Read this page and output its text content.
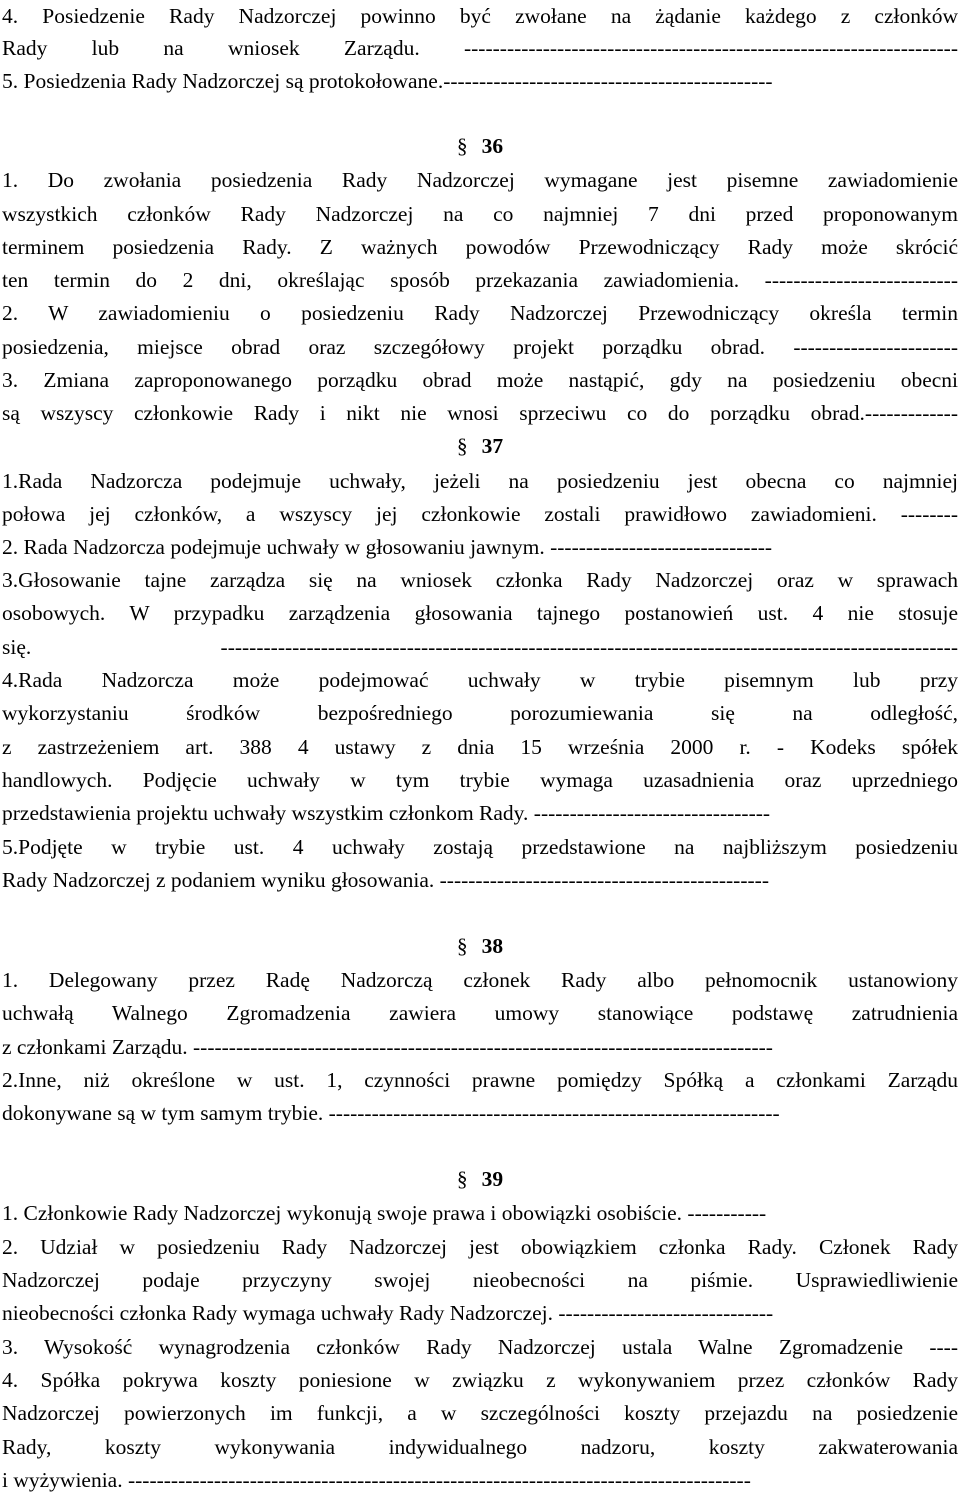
4. Posiedzenie Rady Nadzorczej powinno być zwołane na żądanie każdego z członków
Rady lub na wniosek Zarządu. ---------------------------------------------------------------------
5. Posiedzenia Rady Nadzorczej są protokołowane.----------------------------------------------
§ 36
1. Do zwołania posiedzenia Rady Nadzorczej wymagane jest pisemne zawiadomienie
wszystkich członków Rady Nadzorczej na co najmniej 7 dni przed proponowanym
terminem posiedzenia Rady. Z ważnych powodów Przewodniczący Rady może skrócić
ten termin do 2 dni, określając sposób przekazania zawiadomienia. ---------------------------
2. W zawiadomieniu o posiedzeniu Rady Nadzorczej Przewodniczący określa termin
posiedzenia, miejsce obrad oraz szczegółowy projekt porządku obrad. -----------------------
3. Zmiana zaproponowanego porządku obrad może nastąpić, gdy na posiedzeniu obecni
są wszyscy członkowie Rady i nikt nie wnosi sprzeciwu co do porządku obrad.-------------
§ 37
1.Rada Nadzorcza podejmuje uchwały, jeżeli na posiedzeniu jest obecna co najmniej
połowa jej członków, a wszyscy jej członkowie zostali prawidłowo zawiadomieni. --------
2. Rada Nadzorcza podejmuje uchwały w głosowaniu jawnym. -------------------------------
3.Głosowanie tajne zarządza się na wniosek członka Rady Nadzorczej oraz w sprawach
osobowych. W przypadku zarządzenia głosowania tajnego postanowień ust. 4 nie stosuje
się. -------------------------------------------------------------------------------------------------------
4.Rada Nadzorcza może podejmować uchwały w trybie pisemnym lub przy
wykorzystaniu środków bezpośredniego porozumiewania się na odległość,
z zastrzeżeniem art. 388 4 ustawy z dnia 15 września 2000 r. - Kodeks spółek
handlowych. Podjęcie uchwały w tym trybie wymaga uzasadnienia oraz uprzedniego
przedstawienia projektu uchwały wszystkim członkom Rady. ---------------------------------
5.Podjęte w trybie ust. 4 uchwały zostają przedstawione na najbliższym posiedzeniu
Rady Nadzorczej z podaniem wyniku głosowania. ----------------------------------------------
§ 38
1. Delegowany przez Radę Nadzorczą członek Rady albo pełnomocnik ustanowiony
uchwałą Walnego Zgromadzenia zawiera umowy stanowiące podstawę zatrudnienia
z członkami Zarządu. ---------------------------------------------------------------------------------
2.Inne, niż określone w ust. 1, czynności prawne pomiędzy Spółką a członkami Zarządu
dokonywane są w tym samym trybie. ---------------------------------------------------------------
§ 39
1. Członkowie Rady Nadzorczej wykonują swoje prawa i obowiązki osobiście. -----------
2. Udział w posiedzeniu Rady Nadzorczej jest obowiązkiem członka Rady. Członek Rady
Nadzorczej podaje przyczyny swojej nieobecności na piśmie. Usprawiedliwienie
nieobecności członka Rady wymaga uchwały Rady Nadzorczej. ------------------------------
3. Wysokość wynagrodzenia członków Rady Nadzorczej ustala Walne Zgromadzenie ----
4. Spółka pokrywa koszty poniesione w związku z wykonywaniem przez członków Rady
Nadzorczej powierzonych im funkcji, a w szczególności koszty przejazdu na posiedzenie
Rady, koszty wykonywania indywidualnego nadzoru, koszty zakwaterowania
i wyżywienia. ---------------------------------------------------------------------------------------
